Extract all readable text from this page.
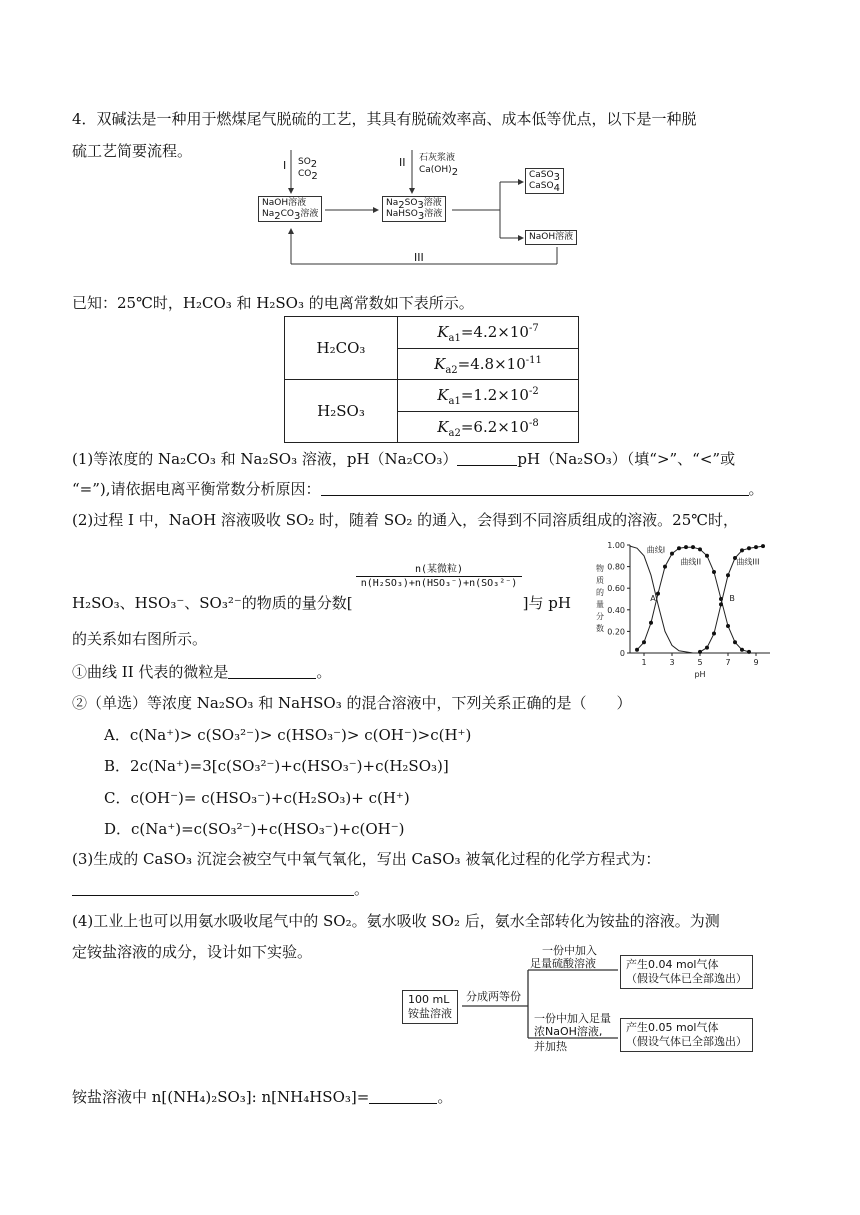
4．双碱法是一种用于燃煤尾气脱硫的工艺，其具有脱硫效率高、成本低等优点，以下是一种脱
硫工艺简要流程。
I $SO_2$
$CO_2$
II 石灰浆液
$Ca(OH)_2$
NaOH溶液
$Na_2CO_3$溶液
$Na_2SO_3$溶液
NaHSO$_3$溶液
CaSO$_3$
CaSO$_4$
NaOH溶液
III
已知：25℃时，H₂CO₃ 和 H₂SO₃ 的电离常数如下表所示。
H₂CO₃	$K_{a1}=4.2\times 10^{-7}$
	$K_{a2}=4.8\times 10^{-11}$
H₂SO₃	$K_{a1}=1.2\times 10^{-2}$
	$K_{a2}=6.2\times 10^{-8}$
(1)等浓度的 Na₂CO₃ 和 Na₂SO₃ 溶液，pH（Na₂CO₃）	pH（Na₂SO₃）（填“>”、“<”或
“=”),请依据电离平衡常数分析原因：	。
(2)过程 I 中，NaOH 溶液吸收 SO₂ 时，随着 SO₂ 的通入，会得到不同溶质组成的溶液。25℃时，
n(某微粒)
n(H₂SO₃)+n(HSO₃⁻)+n(SO₃²⁻)
H₂SO₃、HSO₃⁻、SO₃²⁻的物质的量分数[	]与 pH
的关系如右图所示。
①曲线 II 代表的微粒是	。
②（单选）等浓度 Na₂SO₃ 和 NaHSO₃ 的混合溶液中，下列关系正确的是（　　）
A．c(Na⁺)> c(SO₃²⁻)> c(HSO₃⁻)> c(OH⁻)>c(H⁺)
B．2c(Na⁺)=3[c(SO₃²⁻)+c(HSO₃⁻)+c(H₂SO₃)]
C．c(OH⁻)= c(HSO₃⁻)+c(H₂SO₃)+ c(H⁺)
D．c(Na⁺)=c(SO₃²⁻)+c(HSO₃⁻)+c(OH⁻)
(3)生成的 CaSO₃ 沉淀会被空气中氧气氧化，写出 CaSO₃ 被氧化过程的化学方程式为：
。
(4)工业上也可以用氨水吸收尾气中的 SO₂。氨水吸收 SO₂ 后，氨水全部转化为铵盐的溶液。为测
定铵盐溶液的成分，设计如下实验。
100 mL
铵盐溶液
分成两等份
一份中加入
足量硫酸溶液	产生0.04 mol气体
（假设气体已全部逸出）
一份中加入足量
浓NaOH溶液,
并加热
产生0.05 mol气体
（假设气体已全部逸出）
铵盐溶液中 n[(NH₄)₂SO₃]: n[NH₄HSO₃]=	。
0
0.20
0.40
0.60
0.80
1.00
1	3	5	7	9
pH
物
质
的
量
分
数
曲线I
曲线II	曲线III
A	B
